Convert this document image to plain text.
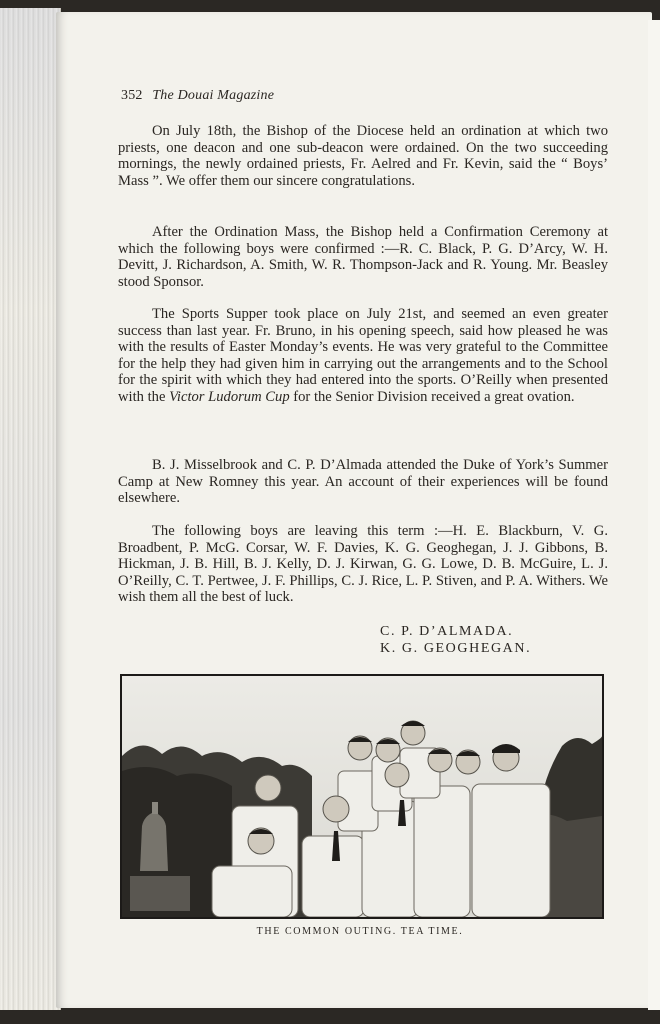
352 The Douai Magazine

On July 18th, the Bishop of the Diocese held an ordination at which two priests, one deacon and one sub-deacon were ordained. On the two succeeding mornings, the newly ordained priests, Fr. Aelred and Fr. Kevin, said the “ Boys’ Mass ”. We offer them our sincere congratulations.

After the Ordination Mass, the Bishop held a Confirmation Ceremony at which the following boys were confirmed :—R. C. Black, P. G. D’Arcy, W. H. Devitt, J. Richardson, A. Smith, W. R. Thompson-Jack and R. Young. Mr. Beasley stood Sponsor.

The Sports Supper took place on July 21st, and seemed an even greater success than last year. Fr. Bruno, in his opening speech, said how pleased he was with the results of Easter Monday’s events. He was very grateful to the Committee for the help they had given him in carrying out the arrangements and to the School for the spirit with which they had entered into the sports. O’Reilly when presented with the Victor Ludorum Cup for the Senior Division received a great ovation.

B. J. Misselbrook and C. P. D’Almada attended the Duke of York’s Summer Camp at New Romney this year. An account of their experiences will be found elsewhere.

The following boys are leaving this term :—H. E. Blackburn, V. G. Broadbent, P. McG. Corsar, W. F. Davies, K. G. Geoghegan, J. J. Gibbons, B. Hickman, J. B. Hill, B. J. Kelly, D. J. Kirwan, G. G. Lowe, D. B. McGuire, L. J. O’Reilly, C. T. Pertwee, J. F. Phillips, C. J. Rice, L. P. Stiven, and P. A. Withers. We wish them all the best of luck.

C. P. D’ALMADA.
K. G. GEOGHEGAN.
THE COMMON OUTING. TEA TIME.
